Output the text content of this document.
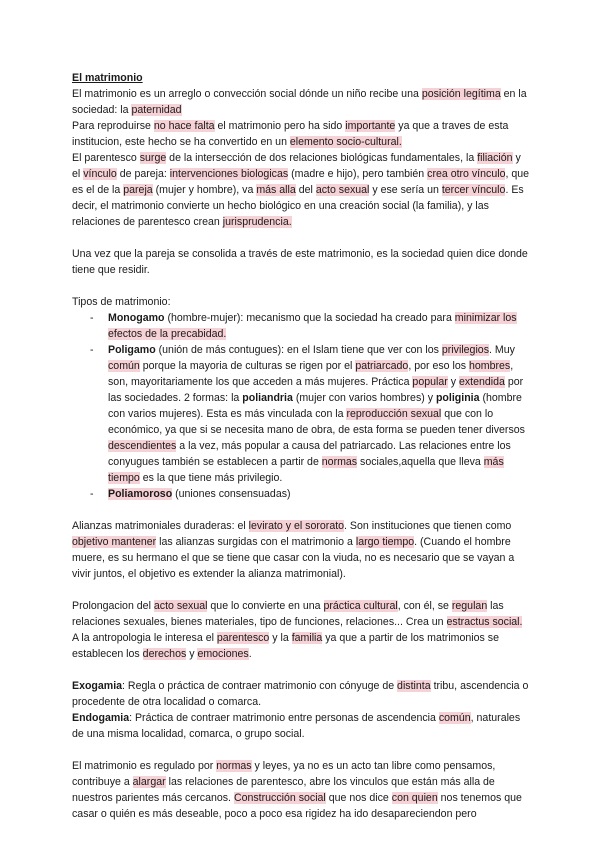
El matrimonio

El matrimonio es un arreglo o convección social dónde un niño recibe una posición legítima en la sociedad: la paternidad

Para reproduirse no hace falta el matrimonio pero ha sido importante ya que a traves de esta institucion, este hecho se ha convertido en un elemento socio-cultural.

El parentesco surge de la intersección de dos relaciones biológicas fundamentales, la filiación y el vínculo de pareja: intervenciones biologicas (madre e hijo), pero también crea otro vínculo, que es el de la pareja (mujer y hombre), va más alla del acto sexual y ese sería un tercer vínculo. Es decir, el matrimonio convierte un hecho biológico en una creación social (la familia), y las relaciones de parentesco crean jurisprudencia.

Una vez que la pareja se consolida a través de este matrimonio, es la sociedad quien dice donde tiene que residir.

Tipos de matrimonio:

- Monogamo (hombre-mujer): mecanismo que la sociedad ha creado para minimizar los efectos de la precabidad.
- Poligamo (unión de más contugues): en el Islam tiene que ver con los privilegios. Muy común porque la mayoria de culturas se rigen por el patriarcado, por eso los hombres, son, mayoritariamente los que acceden a más mujeres. Práctica popular y extendida por las sociedades. 2 formas: la poliandria (mujer con varios hombres) y poliginia (hombre con varios mujeres). Esta es más vinculada con la reproducción sexual que con lo económico, ya que si se necesita mano de obra, de esta forma se pueden tener diversos descendientes a la vez, más popular a causa del patriarcado. Las relaciones entre los conyugues también se establecen a partir de normas sociales,aquella que lleva más tiempo es la que tiene más privilegio.
- Poliamoroso (uniones consensuadas)

Alianzas matrimoniales duraderas: el levirato y el sororato. Son instituciones que tienen como objetivo mantener las alianzas surgidas con el matrimonio a largo tiempo. (Cuando el hombre muere, es su hermano el que se tiene que casar con la viuda, no es necesario que se vayan a vivir juntos, el objetivo es extender la alianza matrimonial).

Prolongacion del acto sexual que lo convierte en una práctica cultural, con él, se regulan las relaciones sexuales, bienes materiales, tipo de funciones, relaciones... Crea un estractus social.

A la antropologia le interesa el parentesco y la familia ya que a partir de los matrimonios se establecen los derechos y emociones.

Exogamia: Regla o práctica de contraer matrimonio con cónyuge de distinta tribu, ascendencia o procedente de otra localidad o comarca.

Endogamia: Práctica de contraer matrimonio entre personas de ascendencia común, naturales de una misma localidad, comarca, o grupo social.

El matrimonio es regulado por normas y leyes, ya no es un acto tan libre como pensamos, contribuye a alargar las relaciones de parentesco, abre los vinculos que están más alla de nuestros parientes más cercanos. Construcción social que nos dice con quien nos tenemos que casar o quién es más deseable, poco a poco esa rigidez ha ido desapareciendon pero
